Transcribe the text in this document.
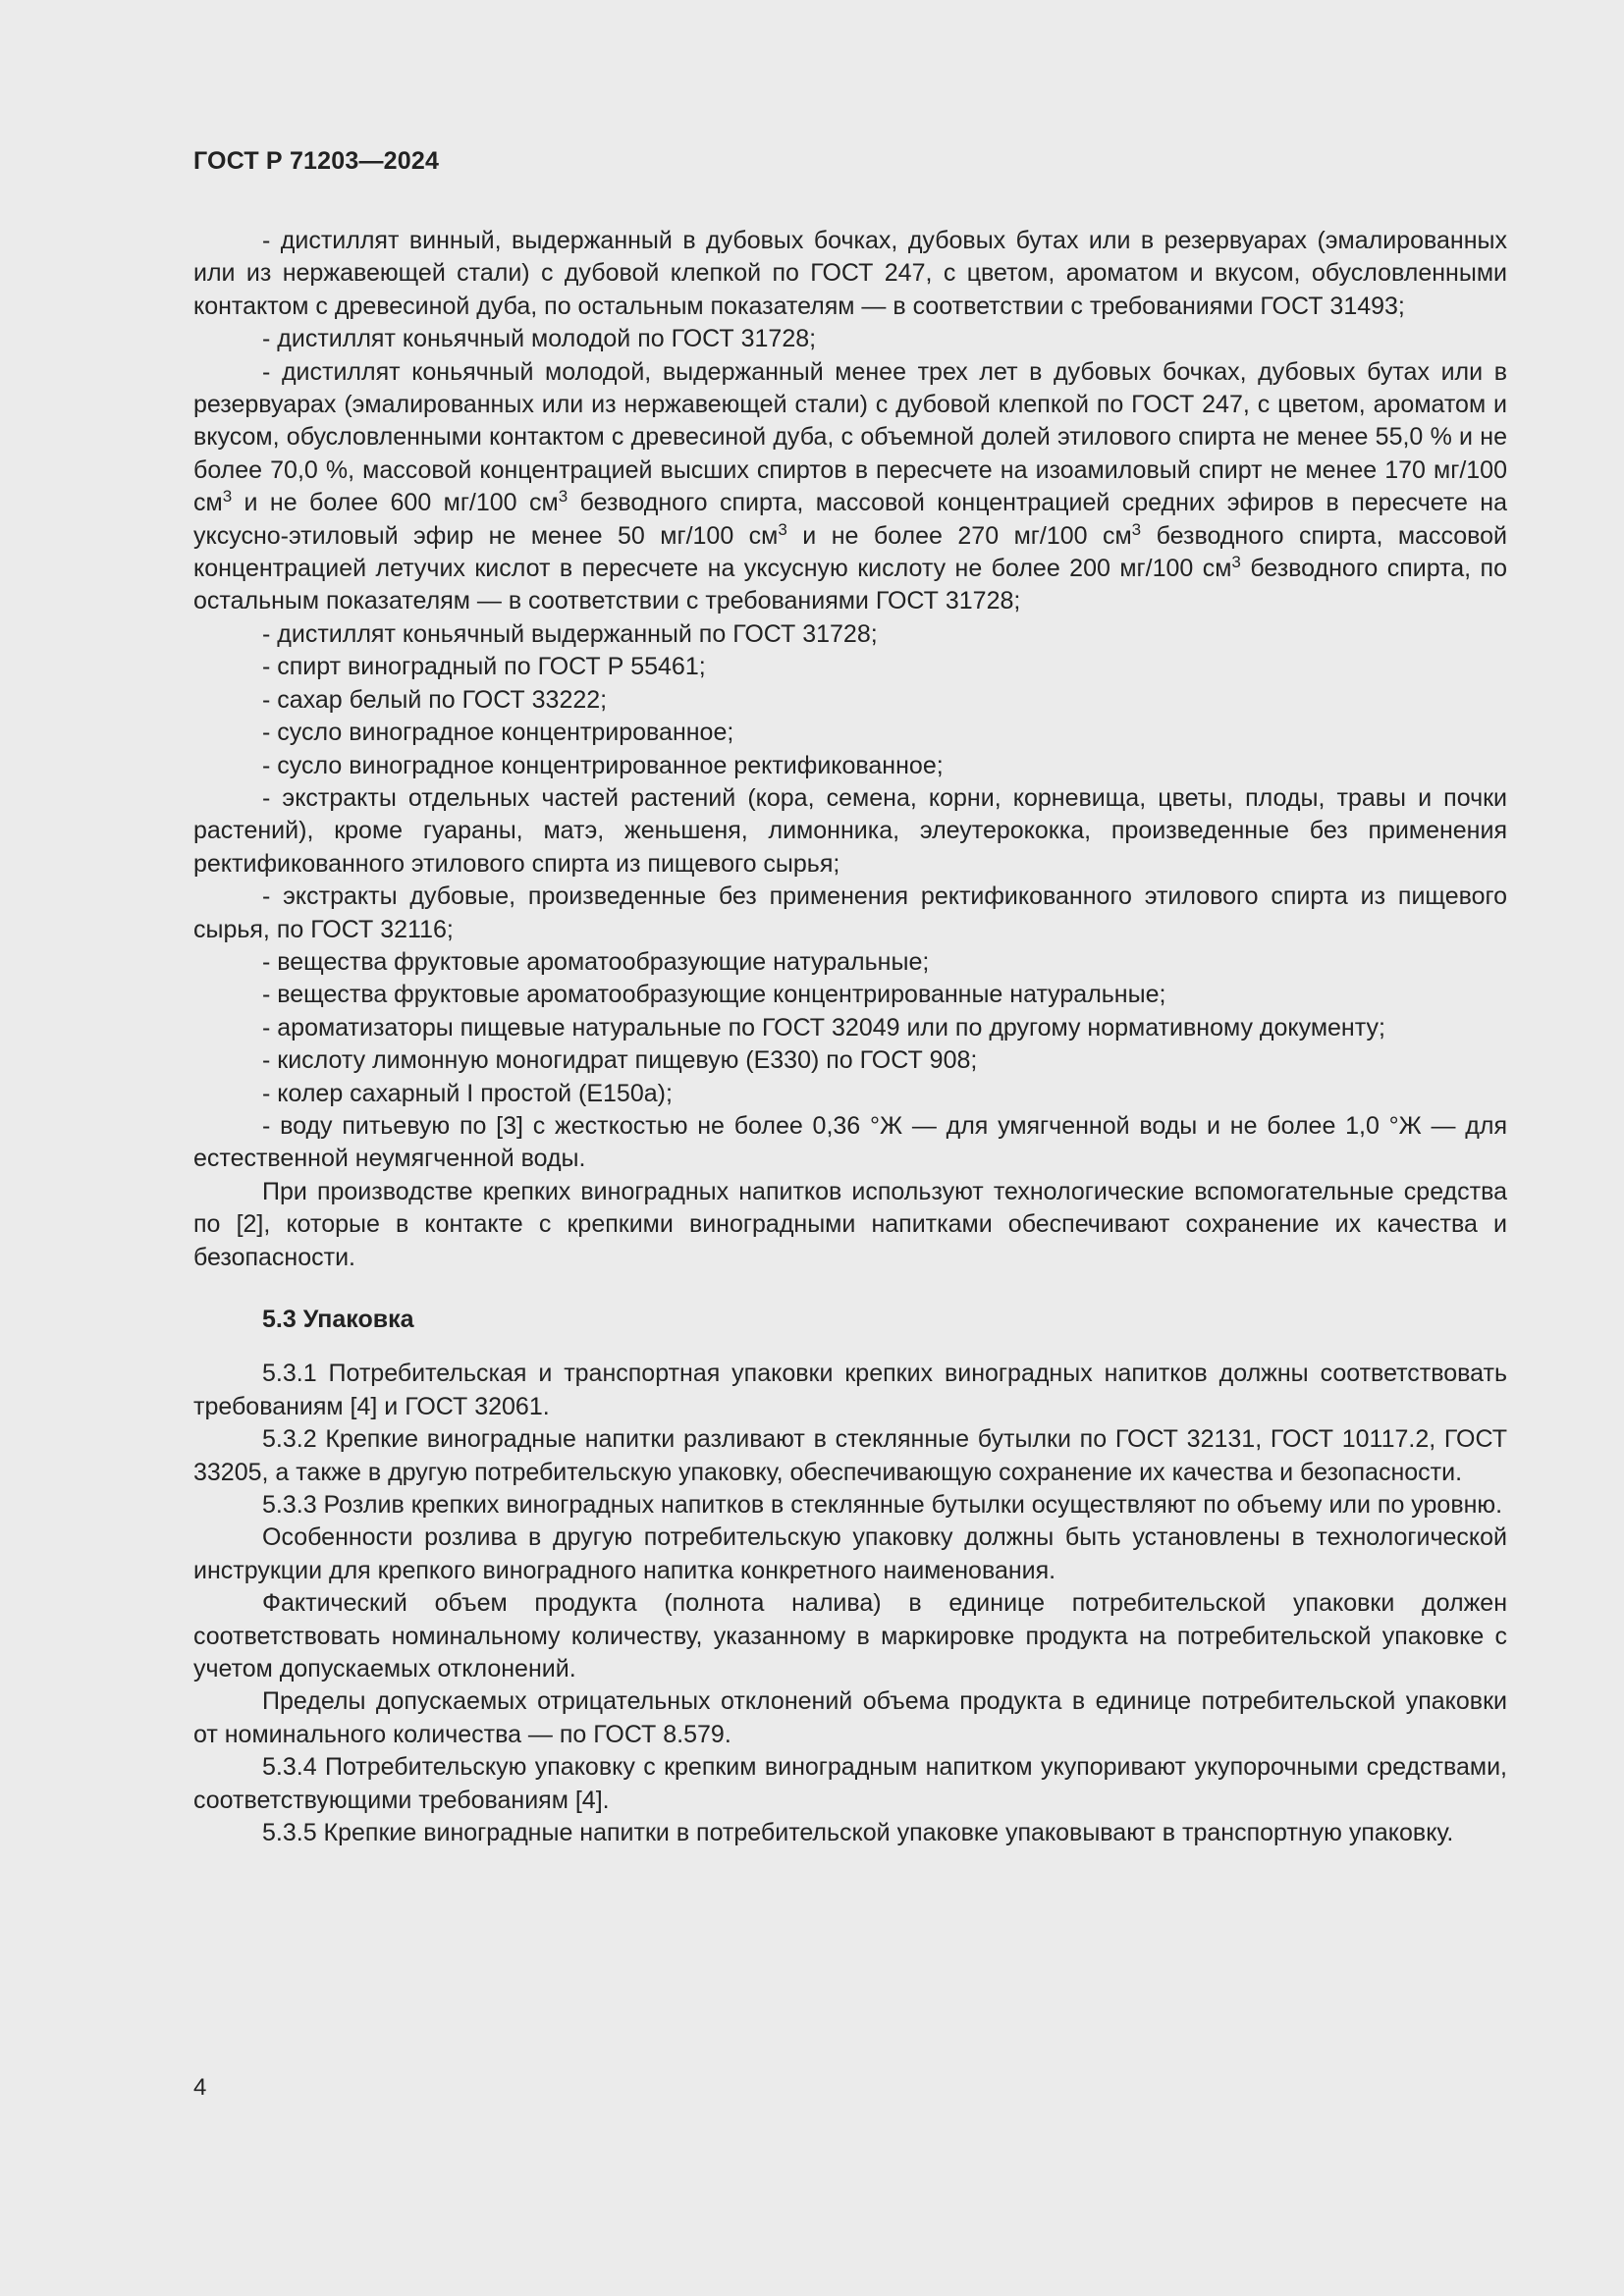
ГОСТ Р 71203—2024

- дистиллят винный, выдержанный в дубовых бочках, дубовых бутах или в резервуарах (эмалированных или из нержавеющей стали) с дубовой клепкой по ГОСТ 247, с цветом, ароматом и вкусом, обусловленными контактом с древесиной дуба, по остальным показателям — в соответствии с требованиями ГОСТ 31493;

- дистиллят коньячный молодой по ГОСТ 31728;

- дистиллят коньячный молодой, выдержанный менее трех лет в дубовых бочках, дубовых бутах или в резервуарах (эмалированных или из нержавеющей стали) с дубовой клепкой по ГОСТ 247, с цветом, ароматом и вкусом, обусловленными контактом с древесиной дуба, с объемной долей этилового спирта не менее 55,0 % и не более 70,0 %, массовой концентрацией высших спиртов в пересчете на изоамиловый спирт не менее 170 мг/100 $см^3$ и не более 600 мг/100 $см^3$ безводного спирта, массовой концентрацией средних эфиров в пересчете на уксусно-этиловый эфир не менее 50 мг/100 $см^3$ и не более 270 мг/100 $см^3$ безводного спирта, массовой концентрацией летучих кислот в пересчете на уксусную кислоту не более 200 мг/100 $см^3$ безводного спирта, по остальным показателям — в соответствии с требованиями ГОСТ 31728;

- дистиллят коньячный выдержанный по ГОСТ 31728;

- спирт виноградный по ГОСТ Р 55461;

- сахар белый по ГОСТ 33222;

- сусло виноградное концентрированное;

- сусло виноградное концентрированное ректификованное;

- экстракты отдельных частей растений (кора, семена, корни, корневища, цветы, плоды, травы и почки растений), кроме гуараны, матэ, женьшеня, лимонника, элеутерококка, произведенные без применения ректификованного этилового спирта из пищевого сырья;

- экстракты дубовые, произведенные без применения ректификованного этилового спирта из пищевого сырья, по ГОСТ 32116;

- вещества фруктовые ароматообразующие натуральные;

- вещества фруктовые ароматообразующие концентрированные натуральные;

- ароматизаторы пищевые натуральные по ГОСТ 32049 или по другому нормативному документу;

- кислоту лимонную моногидрат пищевую (Е330) по ГОСТ 908;

- колер сахарный I простой (Е150а);

- воду питьевую по [3] с жесткостью не более 0,36 °Ж — для умягченной воды и не более 1,0 °Ж — для естественной неумягченной воды.

При производстве крепких виноградных напитков используют технологические вспомогательные средства по [2], которые в контакте с крепкими виноградными напитками обеспечивают сохранение их качества и безопасности.

5.3 Упаковка

5.3.1 Потребительская и транспортная упаковки крепких виноградных напитков должны соответствовать требованиям [4] и ГОСТ 32061.

5.3.2 Крепкие виноградные напитки разливают в стеклянные бутылки по ГОСТ 32131, ГОСТ 10117.2, ГОСТ 33205, а также в другую потребительскую упаковку, обеспечивающую сохранение их качества и безопасности.

5.3.3 Розлив крепких виноградных напитков в стеклянные бутылки осуществляют по объему или по уровню.

Особенности розлива в другую потребительскую упаковку должны быть установлены в технологической инструкции для крепкого виноградного напитка конкретного наименования.

Фактический объем продукта (полнота налива) в единице потребительской упаковки должен соответствовать номинальному количеству, указанному в маркировке продукта на потребительской упаковке с учетом допускаемых отклонений.

Пределы допускаемых отрицательных отклонений объема продукта в единице потребительской упаковки от номинального количества — по ГОСТ 8.579.

5.3.4 Потребительскую упаковку с крепким виноградным напитком укупоривают укупорочными средствами, соответствующими требованиям [4].

5.3.5 Крепкие виноградные напитки в потребительской упаковке упаковывают в транспортную упаковку.

4
